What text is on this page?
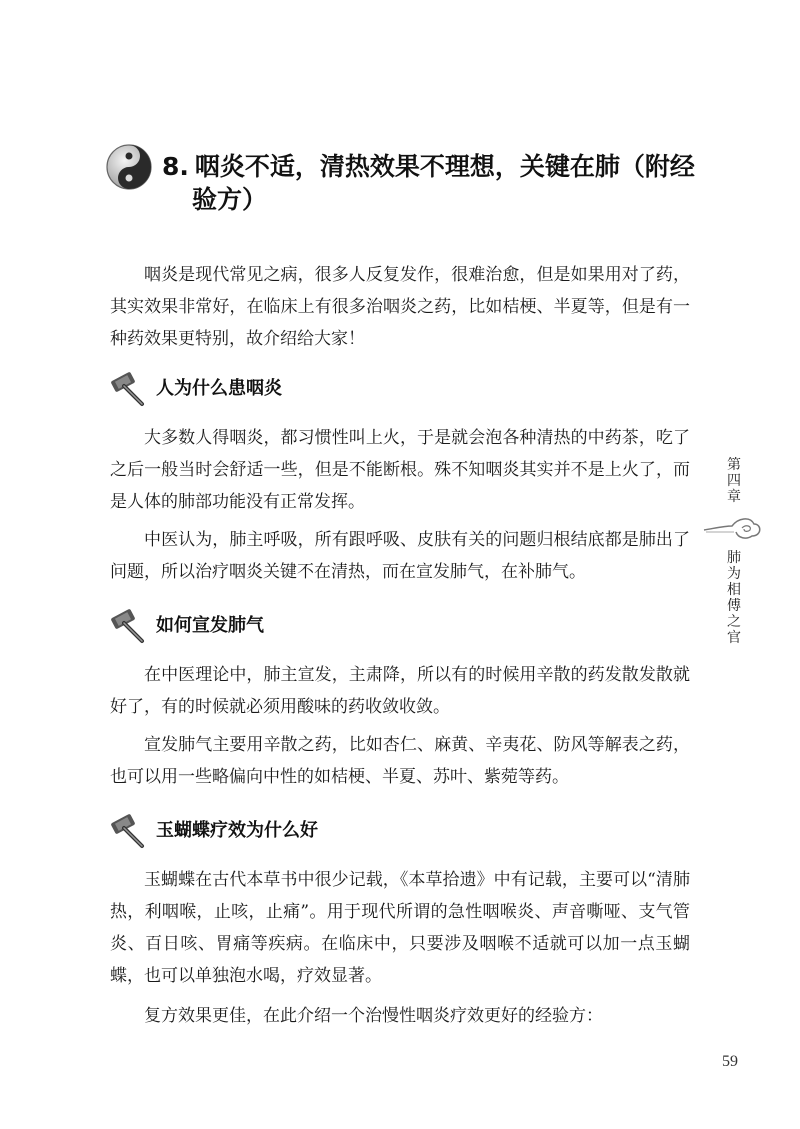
8. 咽炎不适，清热效果不理想，关键在肺（附经
验方）

咽炎是现代常见之病，很多人反复发作，很难治愈，但是如果用对了药，其实效果非常好，在临床上有很多治咽炎之药，比如桔梗、半夏等，但是有一种药效果更特别，故介绍给大家！

人为什么患咽炎

大多数人得咽炎，都习惯性叫上火，于是就会泡各种清热的中药茶，吃了之后一般当时会舒适一些，但是不能断根。殊不知咽炎其实并不是上火了，而是人体的肺部功能没有正常发挥。

中医认为，肺主呼吸，所有跟呼吸、皮肤有关的问题归根结底都是肺出了问题，所以治疗咽炎关键不在清热，而在宣发肺气，在补肺气。

如何宣发肺气

在中医理论中，肺主宣发，主肃降，所以有的时候用辛散的药发散发散就好了，有的时候就必须用酸味的药收敛收敛。

宣发肺气主要用辛散之药，比如杏仁、麻黄、辛夷花、防风等解表之药，也可以用一些略偏向中性的如桔梗、半夏、苏叶、紫菀等药。

玉蝴蝶疗效为什么好

玉蝴蝶在古代本草书中很少记载，《本草拾遗》中有记载，主要可以“清肺热，利咽喉，止咳，止痛”。用于现代所谓的急性咽喉炎、声音嘶哑、支气管炎、百日咳、胃痛等疾病。在临床中，只要涉及咽喉不适就可以加一点玉蝴蝶，也可以单独泡水喝，疗效显著。

复方效果更佳，在此介绍一个治慢性咽炎疗效更好的经验方：

第四章
肺为相傅之官
59
